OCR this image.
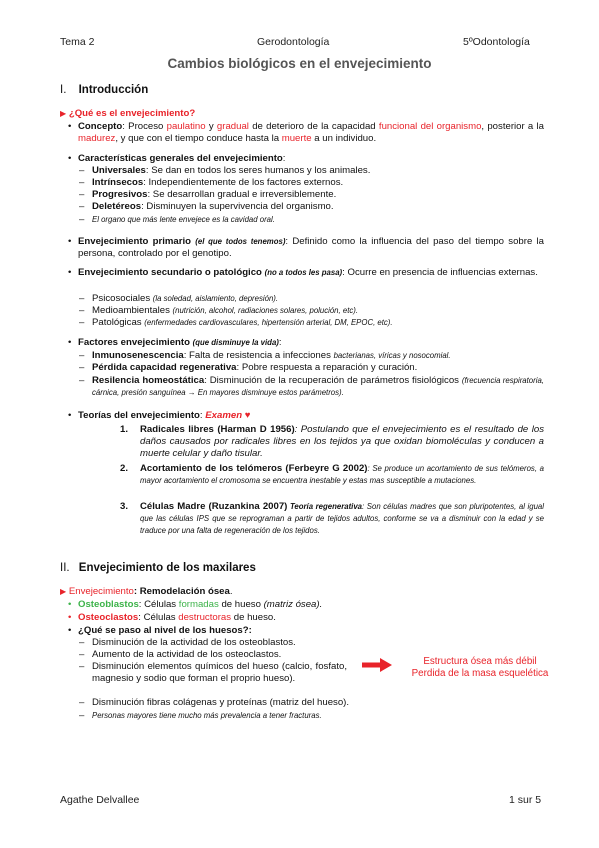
Tema 2	Gerodontología	5ºOdontología
Cambios biológicos en el envejecimiento
I. Introducción
▶ ¿Qué es el envejecimiento?
• Concepto: Proceso paulatino y gradual de deterioro de la capacidad funcional del organismo, posterior a la madurez, y que con el tiempo conduce hasta la muerte a un individuo.
• Características generales del envejecimiento:
– Universales: Se dan en todos los seres humanos y los animales.
– Intrínsecos: Independientemente de los factores externos.
– Progresivos: Se desarrollan gradual e irreversiblemente.
– Deletéreos: Disminuyen la supervivencia del organismo.
– El organo que más lente envejece es la cavidad oral.
• Envejecimiento primario (el que todos tenemos): Definido como la influencia del paso del tiempo sobre la persona, controlado por el genotipo.
• Envejecimiento secundario o patológico (no a todos les pasa): Ocurre en presencia de influencias externas.
– Psicosociales (la soledad, aislamiento, depresión).
– Medioambientales (nutrición, alcohol, radiaciones solares, polución, etc).
– Patológicas (enfermedades cardiovasculares, hipertensión arterial, DM, EPOC, etc).
• Factores envejecimiento (que disminuye la vida):
– Inmunosenescencia: Falta de resistencia a infecciones bacterianas, víricas y nosocomial.
– Pérdida capacidad regenerativa: Pobre respuesta a reparación y curación.
– Resilencia homeostática: Disminución de la recuperación de parámetros fisiológicos (frecuencia respiratoria, cárnica, presión sanguínea → En mayores disminuye estos parámetros).
• Teorías del envejecimiento: Examen ♥
1. Radicales libres (Harman D 1956): Postulando que el envejecimiento es el resultado de los daños causados por radicales libres en los tejidos ya que oxidan biomoléculas y conducen a muerte celular y daño tisular.
2. Acortamiento de los telómeros (Ferbeyre G 2002): Se produce un acortamiento de sus telómeros, a mayor acortamiento el cromosoma se encuentra inestable y estas mas susceptible a mutaciones.
3. Células Madre (Ruzankina 2007) Teoría regenerativa: Son células madres que son pluripotentes, al igual que las células IPS que se reprograman a partir de tejidos adultos, conforme se va a disminuir con la edad y se traduce por una falta de regeneración de los tejidos.
II. Envejecimiento de los maxilares
▶ Envejecimiento: Remodelación ósea.
• Osteoblastos: Células formadas de hueso (matriz ósea).
• Osteoclastos: Células destructoras de hueso.
• ¿Qué se paso al nivel de los huesos?:
– Disminución de la actividad de los osteoblastos.
– Aumento de la actividad de los osteoclastos.
– Disminución elementos químicos del hueso (calcio, fosfato, magnesio y sodio que forman el proprio hueso).
– Disminución fibras colágenas y proteínas (matriz del hueso).
– Personas mayores tiene mucho más prevalencia a tener fracturas.
Estructura ósea más débil
Perdida de la masa esquelética
Agathe Delvallee	1 sur 5
